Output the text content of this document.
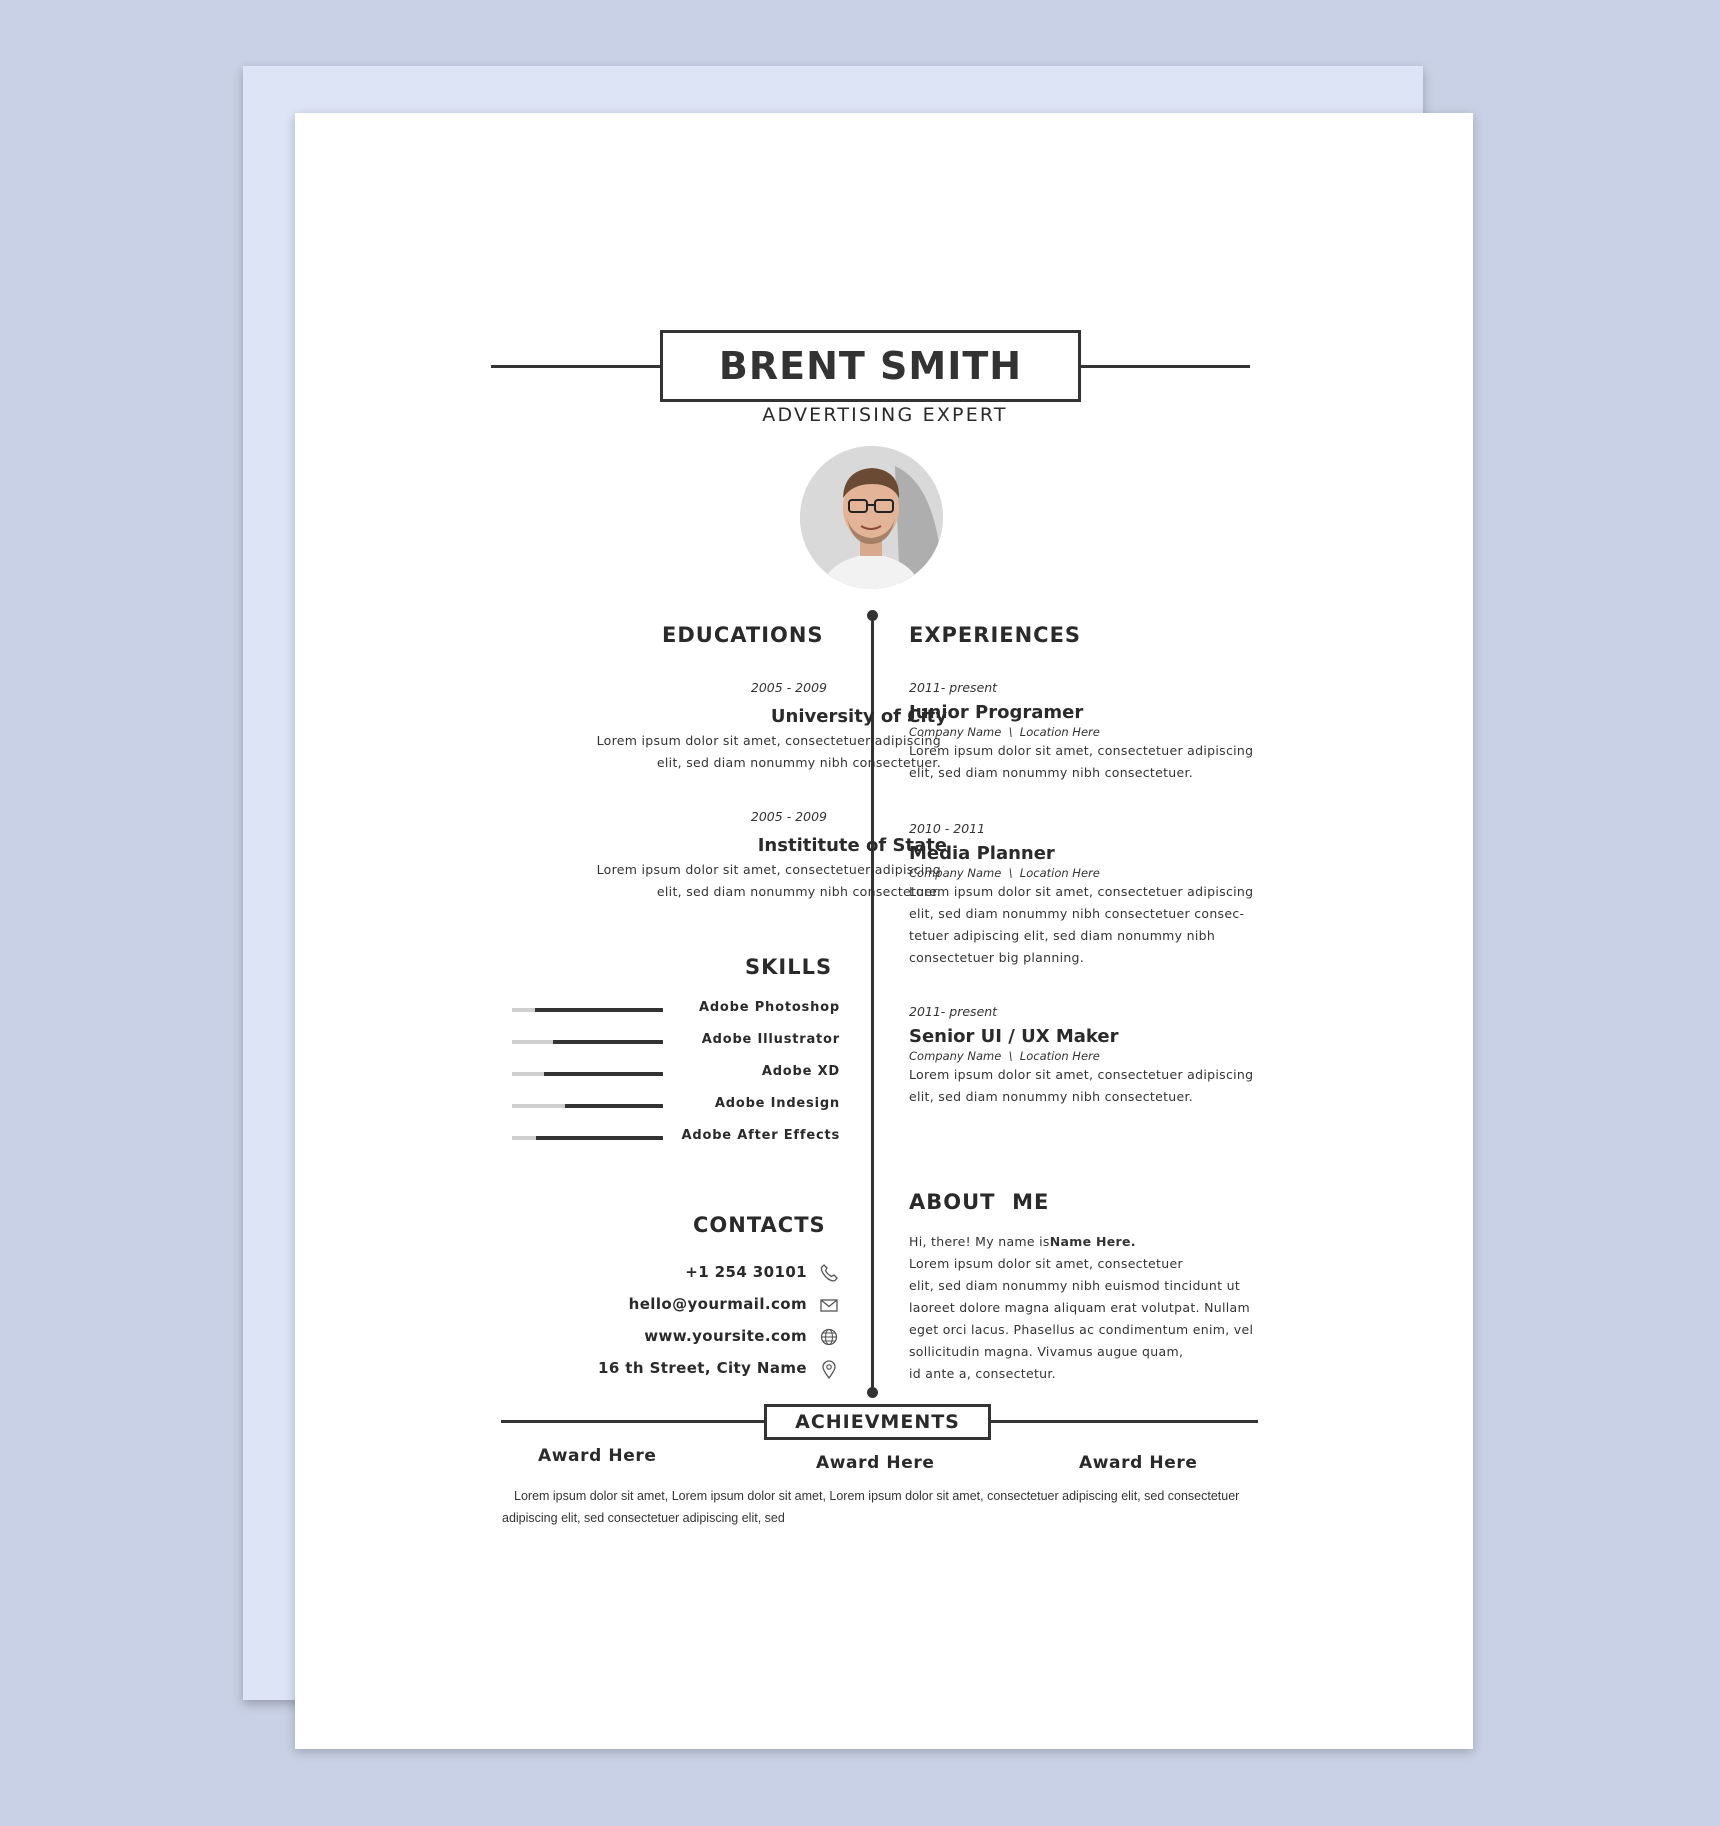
BRENT SMITH
ADVERTISING EXPERT
EDUCATIONS
2005 - 2009
University of City
Lorem ipsum dolor sit amet, consectetuer adipiscing
elit, sed diam nonummy nibh consectetuer.
2005 - 2009
Instititute of State
Lorem ipsum dolor sit amet, consectetuer adipiscing
elit, sed diam nonummy nibh consectetuer.
SKILLS
Adobe Photoshop
Adobe Illustrator
Adobe XD
Adobe Indesign
Adobe After Effects
CONTACTS
+1 254 30101
hello@yourmail.com
www.yoursite.com
16 th Street, City Name
EXPERIENCES
2011- present
Junior Programer
Company Name  \  Location Here
Lorem ipsum dolor sit amet, consectetuer adipiscing
elit, sed diam nonummy nibh consectetuer.
2010 - 2011
Media Planner
Company Name  \  Location Here
Lorem ipsum dolor sit amet, consectetuer adipiscing
elit, sed diam nonummy nibh consectetuer consec-
tetuer adipiscing elit, sed diam nonummy nibh
consectetuer big planning.
2011- present
Senior UI / UX Maker
Company Name  \  Location Here
Lorem ipsum dolor sit amet, consectetuer adipiscing
elit, sed diam nonummy nibh consectetuer.
ABOUT  ME
Hi, there! My name isName Here.
Lorem ipsum dolor sit amet, consectetuer
elit, sed diam nonummy nibh euismod tincidunt ut
laoreet dolore magna aliquam erat volutpat. Nullam
eget orci lacus. Phasellus ac condimentum enim, vel
sollicitudin magna. Vivamus augue quam,
id ante a, consectetur.
ACHIEVMENTS
Award Here	Award Here	Award Here
Lorem ipsum dolor sit amet, Lorem ipsum dolor sit amet, Lorem ipsum dolor sit amet, consectetuer adipiscing elit, sed consectetuer adipiscing elit, sed consectetuer adipiscing elit, sed
